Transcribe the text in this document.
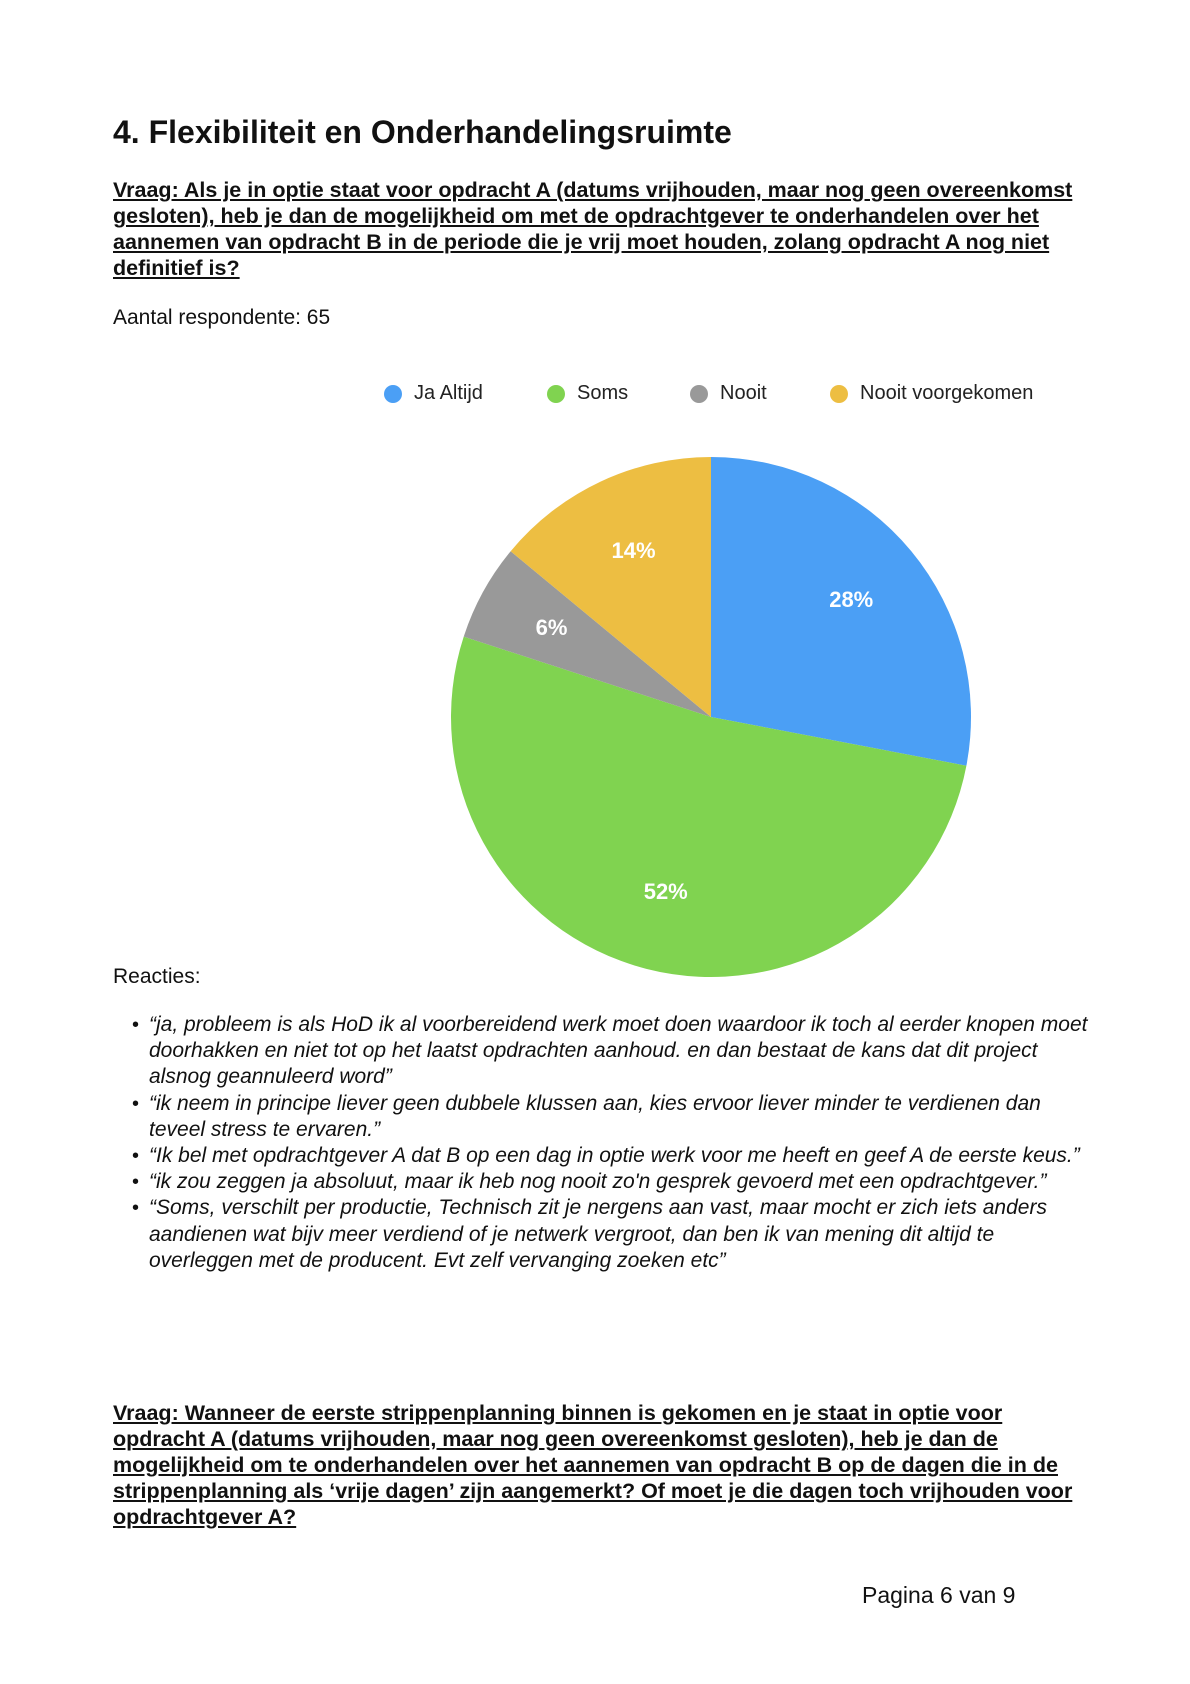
4. Flexibiliteit en Onderhandelingsruimte

Vraag: Als je in optie staat voor opdracht A (datums vrijhouden, maar nog geen overeenkomst gesloten), heb je dan de mogelijkheid om met de opdrachtgever te onderhandelen over het aannemen van opdracht B in de periode die je vrij moet houden, zolang opdracht A nog niet definitief is?

Aantal respondente: 65

Ja Altijd	Soms	Nooit	Nooit voorgekomen
28%
52%
6%
14%

Reacties:

• “ja, probleem is als HoD ik al voorbereidend werk moet doen waardoor ik toch al eerder knopen moet doorhakken en niet tot op het laatst opdrachten aanhoud. en dan bestaat de kans dat dit project alsnog geannuleerd word”
• “ik neem in principe liever geen dubbele klussen aan, kies ervoor liever minder te verdienen dan teveel stress te ervaren.”
• “Ik bel met opdrachtgever A dat B op een dag in optie werk voor me heeft en geef A de eerste keus.”
• “ik zou zeggen ja absoluut, maar ik heb nog nooit zo'n gesprek gevoerd met een opdrachtgever.”
• “Soms, verschilt per productie, Technisch zit je nergens aan vast, maar mocht er zich iets anders aandienen wat bijv meer verdiend of je netwerk vergroot, dan ben ik van mening dit altijd te overleggen met de producent. Evt zelf vervanging zoeken etc”

Vraag: Wanneer de eerste strippenplanning binnen is gekomen en je staat in optie voor opdracht A (datums vrijhouden, maar nog geen overeenkomst gesloten), heb je dan de mogelijkheid om te onderhandelen over het aannemen van opdracht B op de dagen die in de strippenplanning als ‘vrije dagen’ zijn aangemerkt? Of moet je die dagen toch vrijhouden voor opdrachtgever A?

Pagina 6 van 9
